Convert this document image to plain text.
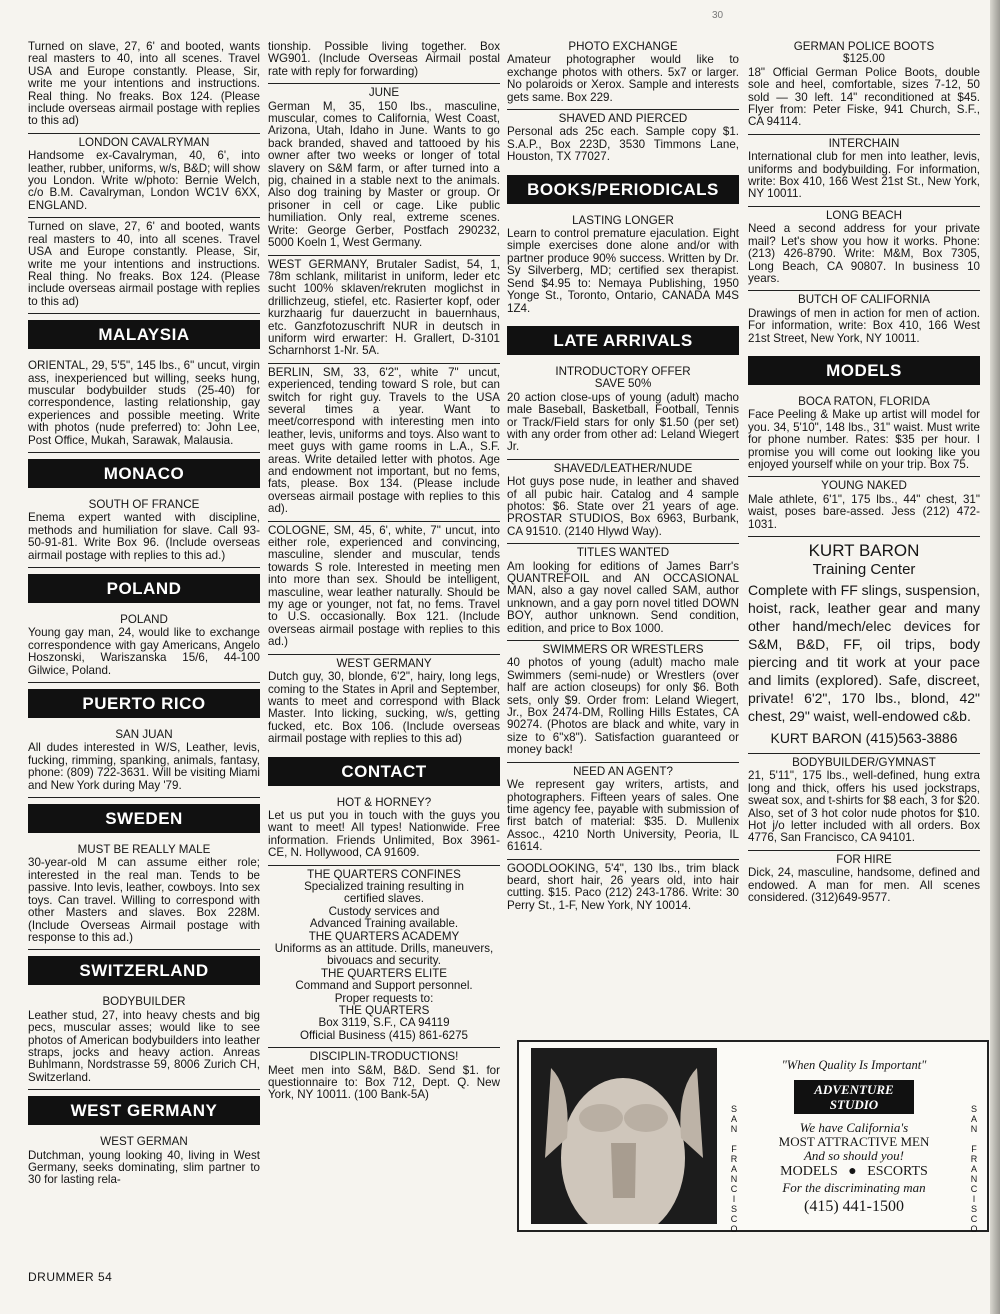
30

Turned on slave, 27, 6' and booted, wants real masters to 40, into all scenes. Travel USA and Europe constantly. Please, Sir, write me your intentions and instructions. Real thing. No freaks. Box 124. (Please include overseas airmail postage with replies to this ad)

LONDON CAVALRYMAN

Handsome ex-Cavalryman, 40, 6', into leather, rubber, uniforms, w/s, B&D; will show you London. Write w/photo: Bernie Welch, c/o B.M. Cavalryman, London WC1V 6XX, ENGLAND.

Turned on slave, 27, 6' and booted, wants real masters to 40, into all scenes. Travel USA and Europe constantly. Please, Sir, write me your intentions and instructions. Real thing. No freaks. Box 124. (Please include overseas airmail postage with replies to this ad)

MALAYSIA

ORIENTAL, 29, 5'5", 145 lbs., 6" uncut, virgin ass, inexperienced but willing, seeks hung, muscular bodybuilder studs (25-40) for correspondence, lasting relationship, gay experiences and possible meeting. Write with photos (nude preferred) to: John Lee, Post Office, Mukah, Sarawak, Malausia.

MONACO
SOUTH OF FRANCE

Enema expert wanted with discipline, methods and humiliation for slave. Call 93-50-91-81. Write Box 96. (Include overseas airmail postage with replies to this ad.)

POLAND
POLAND

Young gay man, 24, would like to exchange correspondence with gay Americans, Angelo Hoszonski, Wariszanska 15/6, 44-100 Gilwice, Poland.

PUERTO RICO
SAN JUAN

All dudes interested in W/S, Leather, levis, fucking, rimming, spanking, animals, fantasy, phone: (809) 722-3631. Will be visiting Miami and New York during May '79.

SWEDEN
MUST BE REALLY MALE

30-year-old M can assume either role; interested in the real man. Tends to be passive. Into levis, leather, cowboys. Into sex toys. Can travel. Willing to correspond with other Masters and slaves. Box 228M. (Include Overseas Airmail postage with response to this ad.)

SWITZERLAND
BODYBUILDER

Leather stud, 27, into heavy chests and big pecs, muscular asses; would like to see photos of American bodybuilders into leather straps, jocks and heavy action. Anreas Buhlmann, Nordstrasse 59, 8006 Zurich CH, Switzerland.

WEST GERMANY
WEST GERMAN

Dutchman, young looking 40, living in West Germany, seeks dominating, slim partner to 30 for lasting rela-

tionship. Possible living together. Box WG901. (Include Overseas Airmail postal rate with reply for forwarding)

JUNE

German M, 35, 150 lbs., masculine, muscular, comes to California, West Coast, Arizona, Utah, Idaho in June. Wants to go back branded, shaved and tattooed by his owner after two weeks or longer of total slavery on S&M farm, or after turned into a pig, chained in a stable next to the animals. Also dog training by Master or group. Or prisoner in cell or cage. Like public humiliation. Only real, extreme scenes. Write: George Gerber, Postfach 290232, 5000 Koeln 1, West Germany.

WEST GERMANY, Brutaler Sadist, 54, 1, 78m schlank, militarist in uniform, leder etc sucht 100% sklaven/rekruten moglichst in drillichzeug, stiefel, etc. Rasierter kopf, oder kurzhaarig fur dauerzucht in bauernhaus, etc. Ganzfotozuschrift NUR in deutsch in uniform wird erwarter: H. Grallert, D-3101 Scharnhorst 1-Nr. 5A.

BERLIN, SM, 33, 6'2", white 7" uncut, experienced, tending toward S role, but can switch for right guy. Travels to the USA several times a year. Want to meet/correspond with interesting men into leather, levis, uniforms and toys. Also want to meet guys with game rooms in L.A., S.F. areas. Write detailed letter with photos. Age and endowment not important, but no fems, fats, please. Box 134. (Please include overseas airmail postage with replies to this ad).

COLOGNE, SM, 45, 6', white, 7" uncut, into either role, experienced and convincing, masculine, slender and muscular, tends towards S role. Interested in meeting men into more than sex. Should be intelligent, masculine, wear leather naturally. Should be my age or younger, not fat, no fems. Travel to U.S. occasionally. Box 121. (Include overseas airmail postage with replies to this ad.)

WEST GERMANY

Dutch guy, 30, blonde, 6'2", hairy, long legs, coming to the States in April and September, wants to meet and correspond with Black Master. Into licking, sucking, w/s, getting fucked, etc. Box 106. (Include overseas airmail postage with replies to this ad)

CONTACT
HOT & HORNEY?

Let us put you in touch with the guys you want to meet! All types! Nationwide. Free information. Friends Unlimited, Box 3961-CE, N. Hollywood, CA 91609.

THE QUARTERS CONFINES

Specialized training resulting in

certified slaves.

Custody services and

Advanced Training available.

THE QUARTERS ACADEMY

Uniforms as an attitude. Drills, maneuvers, bivouacs and security.

THE QUARTERS ELITE

Command and Support personnel.

Proper requests to:

THE QUARTERS

Box 3119, S.F., CA 94119

Official Business (415) 861-6275

DISCIPLIN-TRODUCTIONS!

Meet men into S&M, B&D. Send $1. for questionnaire to: Box 712, Dept. Q. New York, NY 10011. (100 Bank-5A)

PHOTO EXCHANGE

Amateur photographer would like to exchange photos with others. 5x7 or larger. No polaroids or Xerox. Sample and interests gets same. Box 229.

SHAVED AND PIERCED

Personal ads 25c each. Sample copy $1. S.A.P., Box 223D, 3530 Timmons Lane, Houston, TX 77027.

BOOKS/PERIODICALS
LASTING LONGER

Learn to control premature ejaculation. Eight simple exercises done alone and/or with partner produce 90% success. Written by Dr. Sy Silverberg, MD; certified sex therapist. Send $4.95 to: Nemaya Publishing, 1950 Yonge St., Toronto, Ontario, CANADA M4S 1Z4.

LATE ARRIVALS
INTRODUCTORY OFFER
SAVE 50%

20 action close-ups of young (adult) macho male Baseball, Basketball, Football, Tennis or Track/Field stars for only $1.50 (per set) with any order from other ad: Leland Wiegert Jr.

SHAVED/LEATHER/NUDE

Hot guys pose nude, in leather and shaved of all pubic hair. Catalog and 4 sample photos: $6. State over 21 years of age. PROSTAR STUDIOS, Box 6963, Burbank, CA 91510. (2140 Hlywd Way).

TITLES WANTED

Am looking for editions of James Barr's QUANTREFOIL and AN OCCASIONAL MAN, also a gay novel called SAM, author unknown, and a gay porn novel titled DOWN BOY, author unknown. Send condition, edition, and price to Box 1000.

SWIMMERS OR WRESTLERS

40 photos of young (adult) macho male Swimmers (semi-nude) or Wrestlers (over half are action closeups) for only $6. Both sets, only $9. Order from: Leland Wiegert, Jr., Box 2474-DM, Rolling Hills Estates, CA 90274. (Photos are black and white, vary in size to 6"x8"). Satisfaction guaranteed or money back!

NEED AN AGENT?

We represent gay writers, artists, and photographers. Fifteen years of sales. One time agency fee, payable with submission of first batch of material: $35. D. Mullenix Assoc., 4210 North University, Peoria, IL 61614.

GOODLOOKING, 5'4", 130 lbs., trim black beard, short hair, 26 years old, into hair cutting. $15. Paco (212) 243-1786. Write: 30 Perry St., 1-F, New York, NY 10014.

GERMAN POLICE BOOTS
$125.00

18" Official German Police Boots, double sole and heel, comfortable, sizes 7-12, 50 sold — 30 left. 14" reconditioned at $45. Flyer from: Peter Fiske, 941 Church, S.F., CA 94114.

INTERCHAIN

International club for men into leather, levis, uniforms and bodybuilding. For information, write: Box 410, 166 West 21st St., New York, NY 10011.

LONG BEACH

Need a second address for your private mail? Let's show you how it works. Phone: (213) 426-8790. Write: M&M, Box 7305, Long Beach, CA 90807. In business 10 years.

BUTCH OF CALIFORNIA

Drawings of men in action for men of action. For information, write: Box 410, 166 West 21st Street, New York, NY 10011.

MODELS
BOCA RATON, FLORIDA

Face Peeling & Make up artist will model for you. 34, 5'10", 148 lbs., 31" waist. Must write for phone number. Rates: $35 per hour. I promise you will come out looking like you enjoyed yourself while on your trip. Box 75.

YOUNG NAKED

Male athlete, 6'1", 175 lbs., 44" chest, 31" waist, poses bare-assed. Jess (212) 472-1031.

KURT BARON
Training Center

Complete with FF slings, suspension, hoist, rack, leather gear and many other hand/mech/elec devices for S&M, B&D, FF, oil trips, body piercing and tit work at your pace and limits (explored). Safe, discreet, private! 6'2", 170 lbs., blond, 42" chest, 29" waist, well-endowed c&b.

KURT BARON (415)563-3886
BODYBUILDER/GYMNAST

21, 5'11", 175 lbs., well-defined, hung extra long and thick, offers his used jockstraps, sweat sox, and t-shirts for $8 each, 3 for $20. Also, set of 3 hot color nude photos for $10. Hot j/o letter included with all orders. Box 4776, San Francisco, CA 94101.

FOR HIRE

Dick, 24, masculine, handsome, defined and endowed. A man for men. All scenes considered. (312)649-9577.

S
A
N

F
R
A
N
C
I
S
C
O
S
A
N

F
R
A
N
C
I
S
C
O
"When Quality Is Important"
ADVENTURE
STUDIO
We have California's
MOST ATTRACTIVE MEN
And so should you!
MODELS   ●   ESCORTS
For the discriminating man
(415) 441-1500
DRUMMER 54
